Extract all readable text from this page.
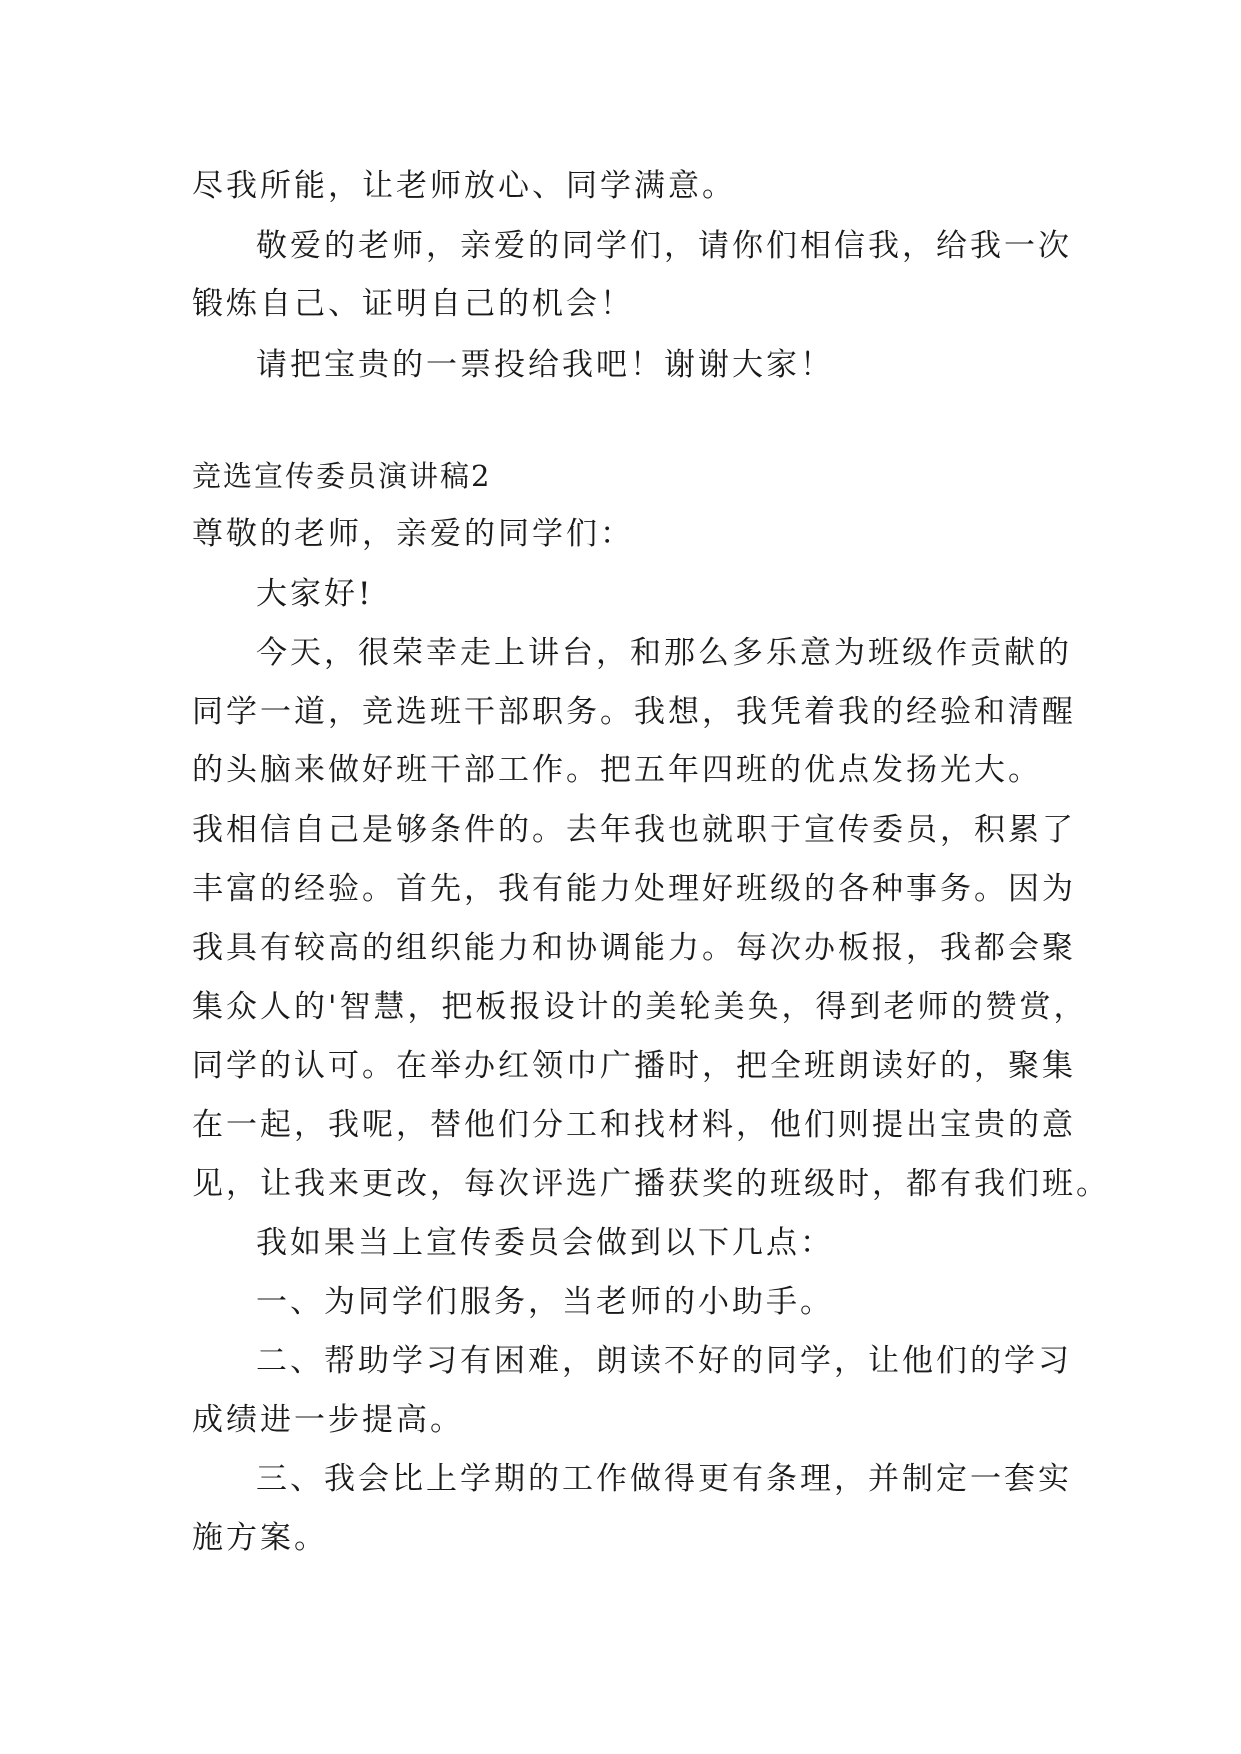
尽我所能，让老师放心、同学满意。
敬爱的老师，亲爱的同学们，请你们相信我，给我一次
锻炼自己、证明自己的机会！
请把宝贵的一票投给我吧！谢谢大家！
竞选宣传委员演讲稿2
尊敬的老师，亲爱的同学们：
大家好!
今天，很荣幸走上讲台，和那么多乐意为班级作贡献的
同学一道，竞选班干部职务。我想，我凭着我的经验和清醒
的头脑来做好班干部工作。把五年四班的优点发扬光大。
我相信自己是够条件的。去年我也就职于宣传委员，积累了
丰富的经验。首先，我有能力处理好班级的各种事务。因为
我具有较高的组织能力和协调能力。每次办板报，我都会聚
集众人的'智慧，把板报设计的美轮美奂，得到老师的赞赏，
同学的认可。在举办红领巾广播时，把全班朗读好的，聚集
在一起，我呢，替他们分工和找材料，他们则提出宝贵的意
见，让我来更改，每次评选广播获奖的班级时，都有我们班。
我如果当上宣传委员会做到以下几点：
一、为同学们服务，当老师的小助手。
二、帮助学习有困难，朗读不好的同学，让他们的学习
成绩进一步提高。
三、我会比上学期的工作做得更有条理，并制定一套实
施方案。
